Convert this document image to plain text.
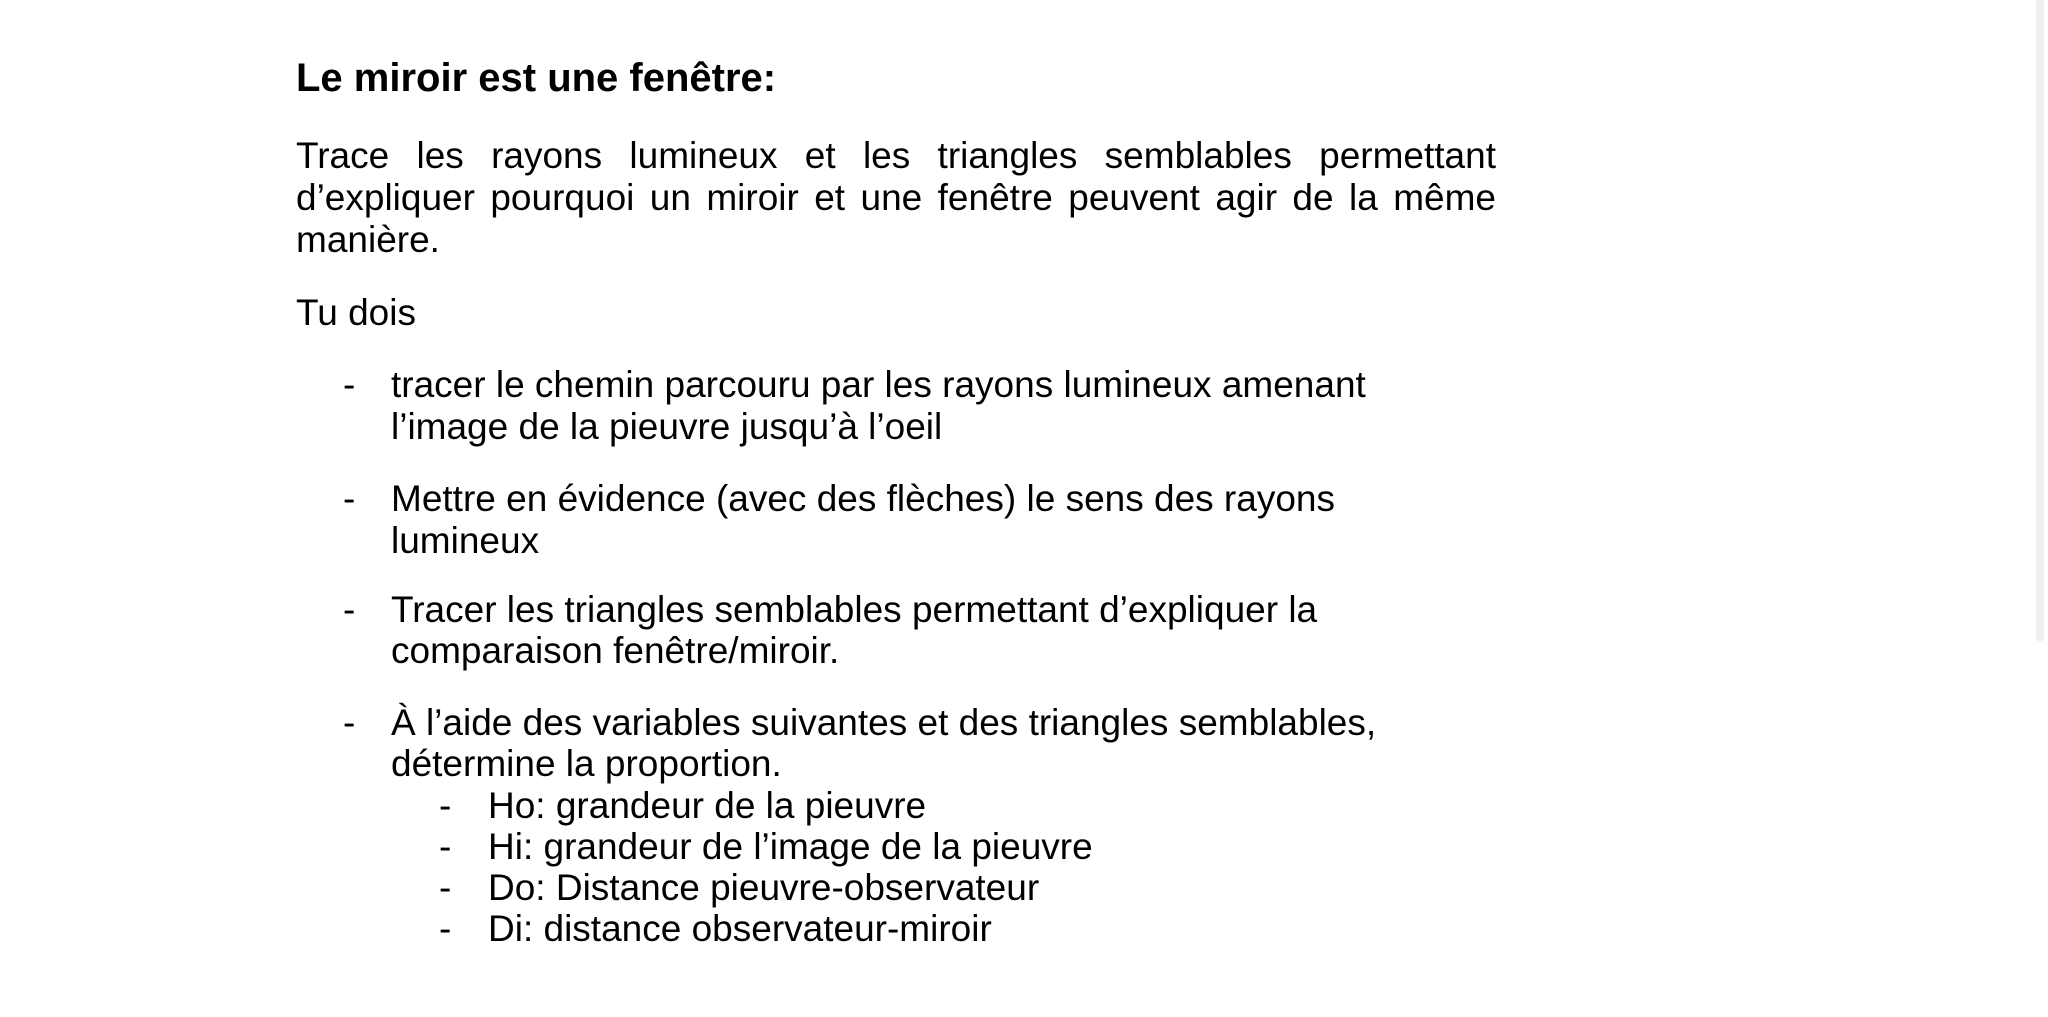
Le miroir est une fenêtre:
Trace les rayons lumineux et les triangles semblables permettant
d’expliquer pourquoi un miroir et une fenêtre peuvent agir de la même
manière.
Tu dois
- tracer le chemin parcouru par les rayons lumineux amenant
l’image de la pieuvre jusqu’à l’oeil
- Mettre en évidence (avec des flèches) le sens des rayons
lumineux
- Tracer les triangles semblables permettant d’expliquer la
comparaison fenêtre/miroir.
- À l’aide des variables suivantes et des triangles semblables,
détermine la proportion.
- Ho: grandeur de la pieuvre
- Hi: grandeur de l’image de la pieuvre
- Do: Distance pieuvre-observateur
- Di: distance observateur-miroir
